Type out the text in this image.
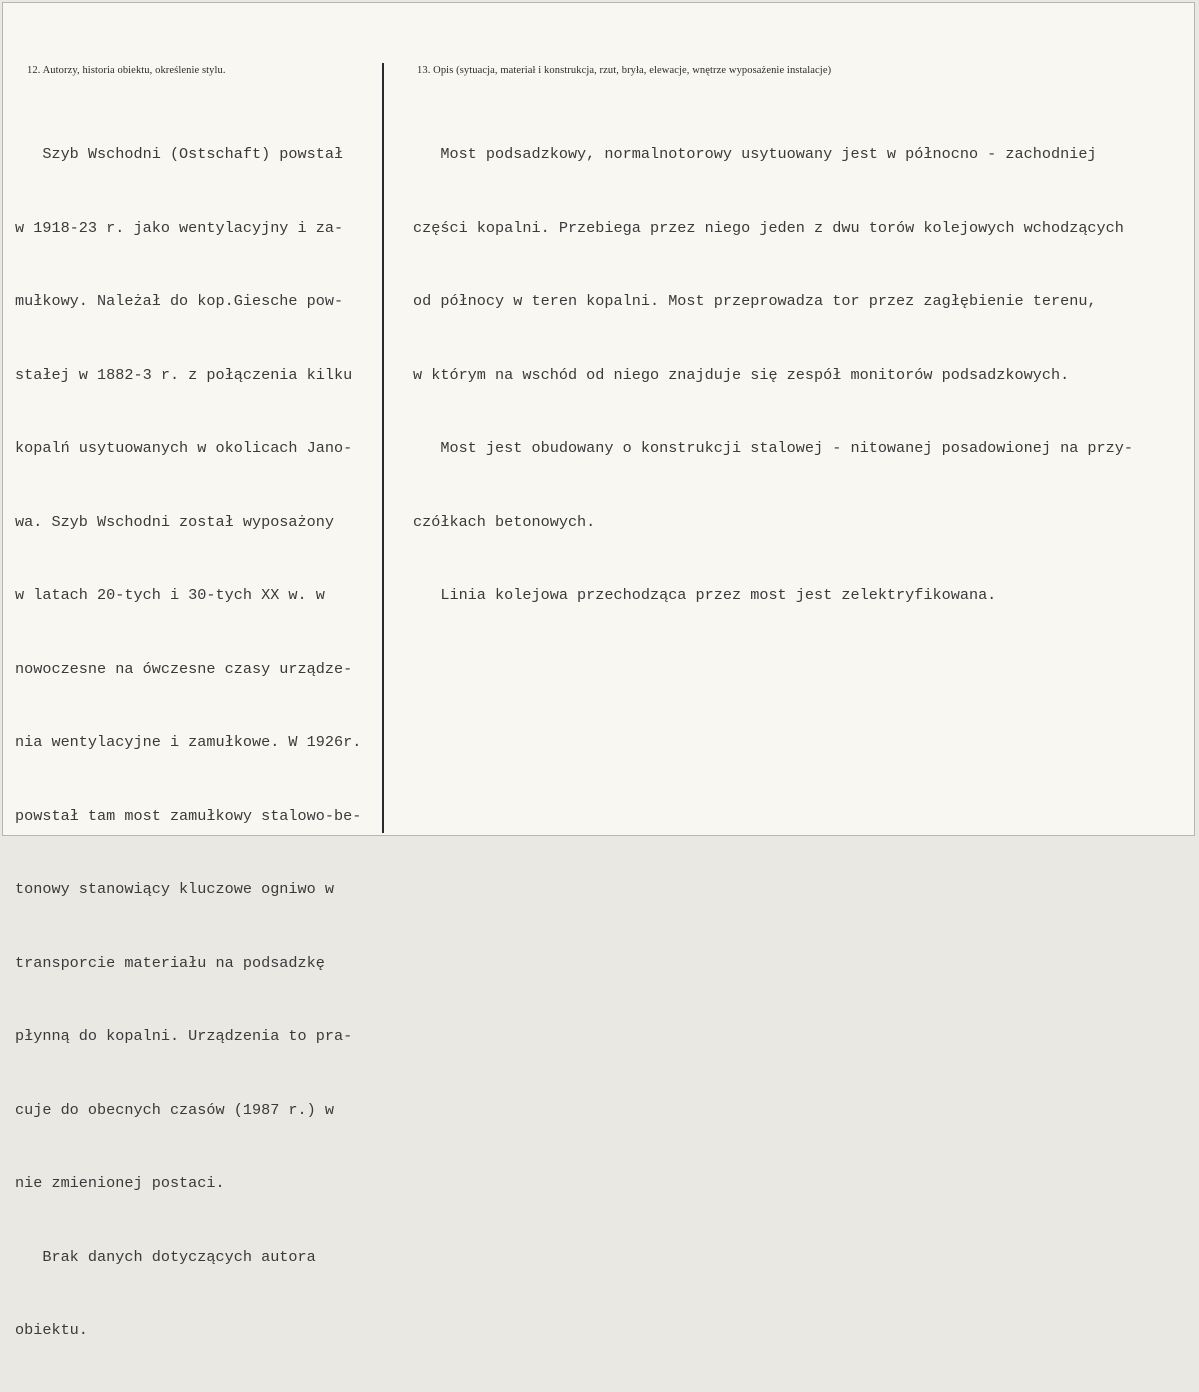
12. Autorzy, historia obiektu, określenie stylu.	13. Opis (sytuacja, materiał i konstrukcja, rzut, bryła, elewacje, wnętrze wyposażenie instalacje)

Szyb Wschodni (Ostschaft) powstał

w 1918-23 r. jako wentylacyjny i za-

mułkowy. Należał do kop.Giesche pow-

stałej w 1882-3 r. z połączenia kilku

kopalń usytuowanych w okolicach Jano-

wa. Szyb Wschodni został wyposażony

w latach 20-tych i 30-tych XX w. w

nowoczesne na ówczesne czasy urządze-

nia wentylacyjne i zamułkowe. W 1926r.

powstał tam most zamułkowy stalowo-be-

tonowy stanowiący kluczowe ogniwo w

transporcie materiału na podsadzkę

płynną do kopalni. Urządzenia to pra-

cuje do obecnych czasów (1987 r.) w

nie zmienionej postaci.

Brak danych dotyczących autora

obiektu.

Most podsadzkowy, normalnotorowy usytuowany jest w północno - zachodniej

części kopalni. Przebiega przez niego jeden z dwu torów kolejowych wchodzących

od północy w teren kopalni. Most przeprowadza tor przez zagłębienie terenu,

w którym na wschód od niego znajduje się zespół monitorów podsadzkowych.

Most jest obudowany o konstrukcji stalowej - nitowanej posadowionej na przy-

czółkach betonowych.

Linia kolejowa przechodząca przez most jest zelektryfikowana.
